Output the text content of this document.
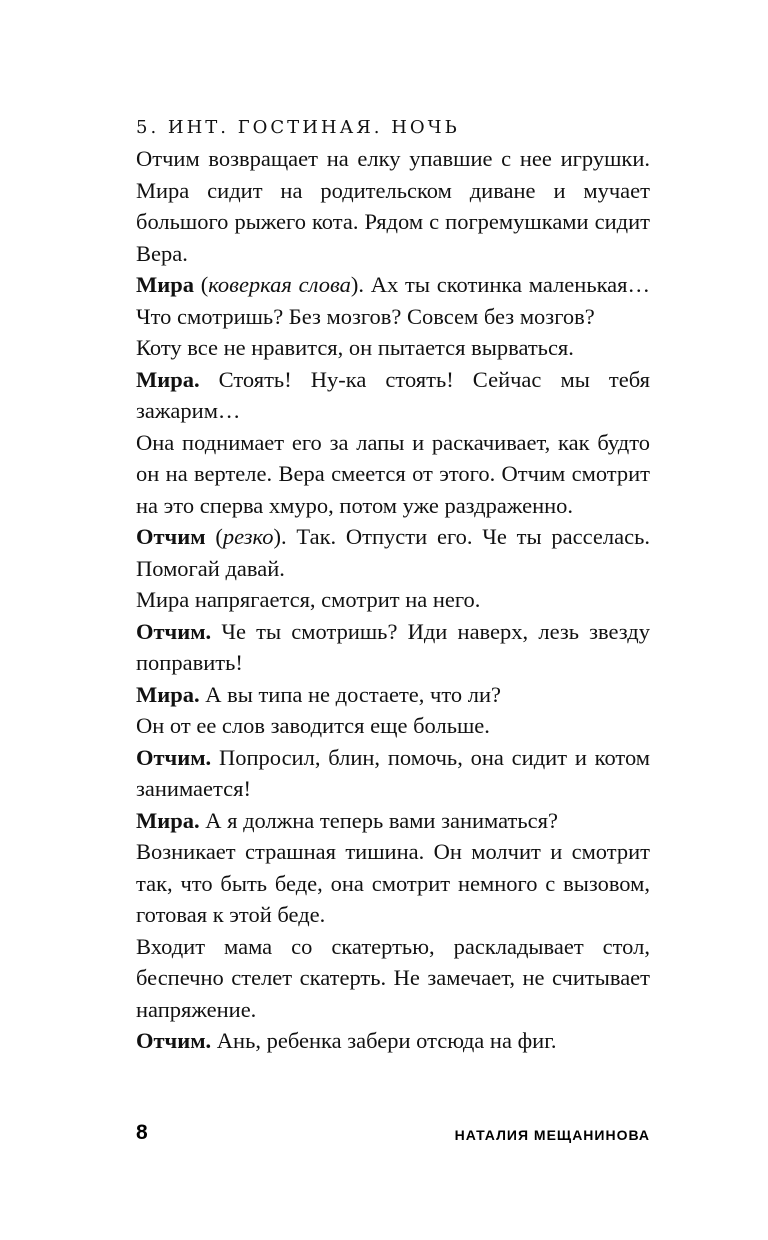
5. ИНТ. ГОСТИНАЯ. НОЧЬ

Отчим возвращает на елку упавшие с нее игрушки. Мира сидит на родительском диване и мучает большого рыжего кота. Рядом с погремушками сидит Вера.

Мира (коверкая слова). Ах ты скотинка маленькая… Что смотришь? Без мозгов? Совсем без мозгов?

Коту все не нравится, он пытается вырваться.

Мира. Стоять! Ну-ка стоять! Сейчас мы тебя зажарим…

Она поднимает его за лапы и раскачивает, как будто он на вертеле. Вера смеется от этого. Отчим смотрит на это сперва хмуро, потом уже раздраженно.

Отчим (резко). Так. Отпусти его. Че ты расселась. Помогай давай.

Мира напрягается, смотрит на него.

Отчим. Че ты смотришь? Иди наверх, лезь звезду поправить!

Мира. А вы типа не достаете, что ли?

Он от ее слов заводится еще больше.

Отчим. Попросил, блин, помочь, она сидит и котом занимается!

Мира. А я должна теперь вами заниматься?

Возникает страшная тишина. Он молчит и смотрит так, что быть беде, она смотрит немного с вызовом, готовая к этой беде.

Входит мама со скатертью, раскладывает стол, беспечно стелет скатерть. Не замечает, не считывает напряжение.

Отчим. Ань, ребенка забери отсюда на фиг.

8	НАТАЛИЯ МЕЩАНИНОВА
